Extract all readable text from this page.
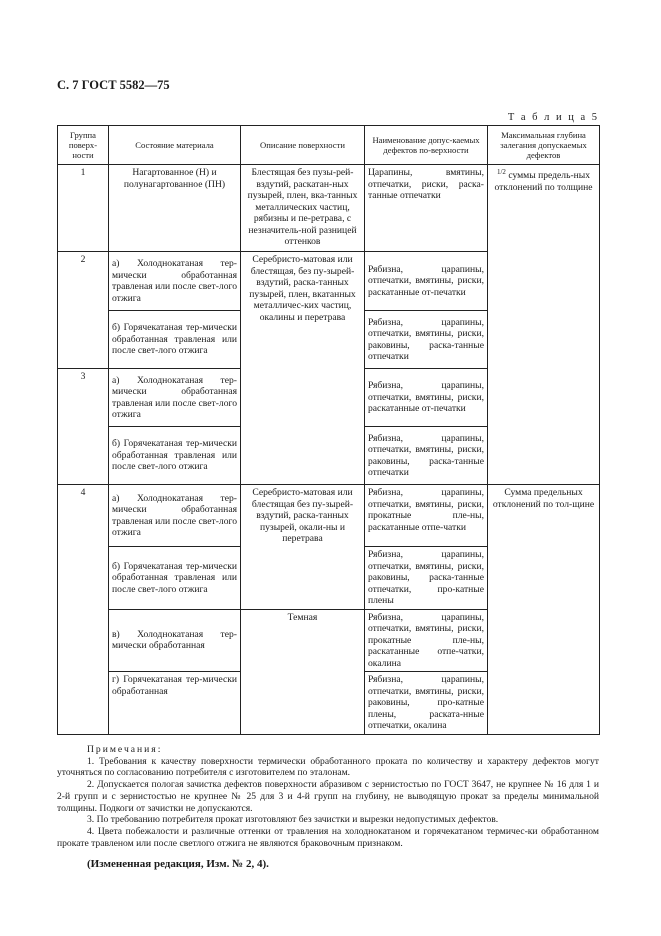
С. 7 ГОСТ 5582—75
Т а б л и ц а 5
Группа поверх-ности	Состояние материала	Описание поверхности	Наименование допус-каемых дефектов по-верхности	Максимальная глубина залегания допускаемых дефектов
1	Нагартованное (Н) и полунагартованное (ПН)	Блестящая без пузы-рей-вздутий, раскатан-ных пузырей, плен, вка-танных металлических частиц, рябизны и пе-ретрава, с незначитель-ной разницей оттенков	Царапины, вмятины, отпечатки, риски, раска-танные отпечатки	$^{1/2}$ суммы предель-ных отклонений по толщине
2	а) Холоднокатаная тер-мически обработанная травленая или после свет-лого отжига	Серебристо-матовая или блестящая, без пу-зырей-вздутий, раска-танных пузырей, плен, вкатанных металличес-ких частиц, окалины и перетрава	Рябизна, царапины, отпечатки, вмятины, риски, раскатанные от-печатки	
	б) Горячекатаная тер-мически обработанная травленая или после свет-лого отжига		Рябизна, царапины, отпечатки, вмятины, риски, раковины, раска-танные отпечатки	
3	а) Холоднокатаная тер-мически обработанная травленая или после свет-лого отжига		Рябизна, царапины, отпечатки, вмятины, риски, раскатанные от-печатки	
	б) Горячекатаная тер-мически обработанная травленая или после свет-лого отжига		Рябизна, царапины, отпечатки, вмятины, риски, раковины, раска-танные отпечатки	
4	а) Холоднокатаная тер-мически обработанная травленая или после свет-лого отжига	Серебристо-матовая или блестящая без пу-зырей-вздутий, раска-танных пузырей, окали-ны и перетрава	Рябизна, царапины, отпечатки, вмятины, риски, прокатные пле-ны, раскатанные отпе-чатки	Сумма предельных отклонений по тол-щине
	б) Горячекатаная тер-мически обработанная травленая или после свет-лого отжига		Рябизна, царапины, отпечатки, вмятины, риски, раковины, раска-танные отпечатки, про-катные плены	
	в) Холоднокатаная тер-мически обработанная	Темная	Рябизна, царапины, отпечатки, вмятины, риски, прокатные пле-ны, раскатанные отпе-чатки, окалина	
	г) Горячекатаная тер-мически обработанная		Рябизна, царапины, отпечатки, вмятины, риски, раковины, про-катные плены, раската-нные отпечатки, окалина	

Примечания:

1. Требования к качеству поверхности термически обработанного проката по количеству и характеру дефектов могут уточняться по согласованию потребителя с изготовителем по эталонам.

2. Допускается пологая зачистка дефектов поверхности абразивом с зернистостью по ГОСТ 3647, не крупнее № 16 для 1 и 2-й групп и с зернистостью не крупнее № 25 для 3 и 4-й групп на глубину, не выводящую прокат за пределы минимальной толщины. Подкоги от зачистки не допускаются.

3. По требованию потребителя прокат изготовляют без зачистки и вырезки недопустимых дефектов.

4. Цвета побежалости и различные оттенки от травления на холоднокатаном и горячекатаном термичес-ки обработанном прокате травленом или после светлого отжига не являются браковочным признаком.

(Измененная редакция, Изм. № 2, 4).
